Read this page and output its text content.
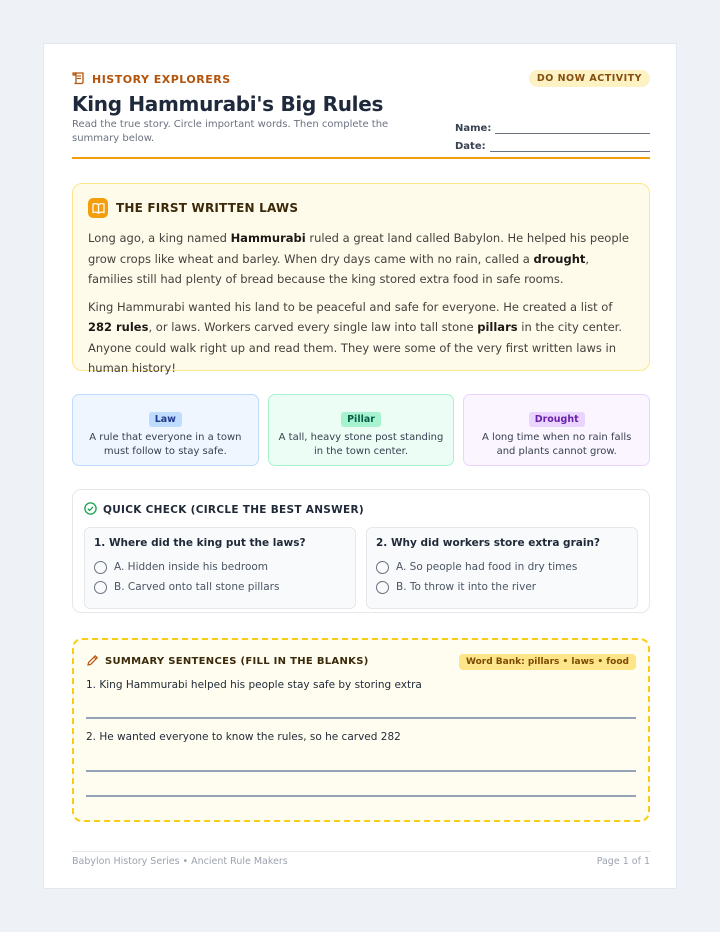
HISTORY EXPLORERS	DO NOW ACTIVITY
King Hammurabi's Big Rules
Read the true story. Circle important words. Then complete the summary below.
Name:
Date:
THE FIRST WRITTEN LAWS

Long ago, a king named Hammurabi ruled a great land called Babylon. He helped his people grow crops like wheat and barley. When dry days came with no rain, called a drought, families still had plenty of bread because the king stored extra food in safe rooms.

King Hammurabi wanted his land to be peaceful and safe for everyone. He created a list of 282 rules, or laws. Workers carved every single law into tall stone pillars in the city center. Anyone could walk right up and read them. They were some of the very first written laws in human history!

Law
A rule that everyone in a town must follow to stay safe.
Pillar
A tall, heavy stone post standing in the town center.
Drought
A long time when no rain falls and plants cannot grow.
QUICK CHECK (CIRCLE THE BEST ANSWER)
1. Where did the king put the laws?
A. Hidden inside his bedroom
B. Carved onto tall stone pillars
2. Why did workers store extra grain?
A. So people had food in dry times
B. To throw it into the river
SUMMARY SENTENCES (FILL IN THE BLANKS)	Word Bank: pillars • laws • food
1. King Hammurabi helped his people stay safe by storing extra
2. He wanted everyone to know the rules, so he carved 282
Babylon History Series • Ancient Rule Makers	Page 1 of 1
